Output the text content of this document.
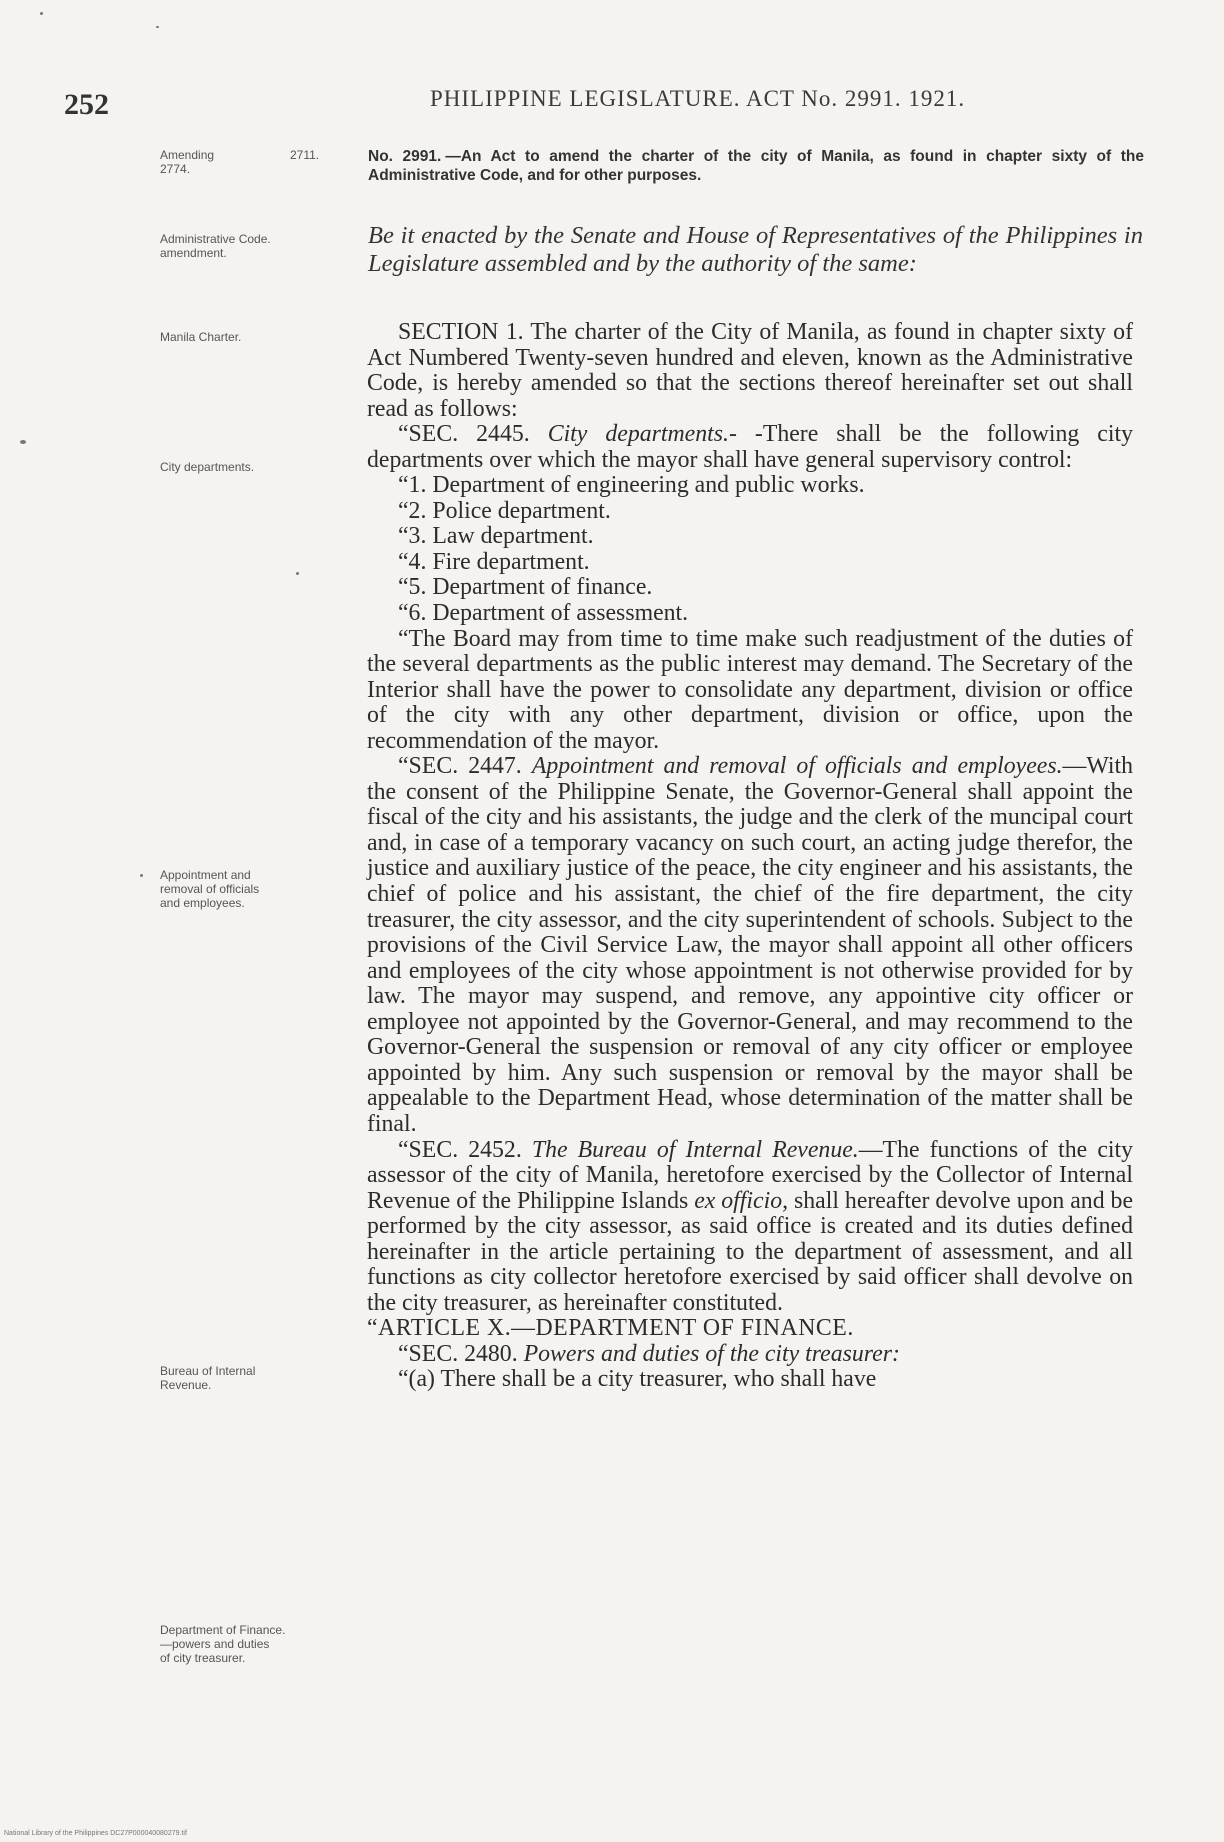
252	PHILIPPINE LEGISLATURE. ACT No. 2991. 1921.
Amending
2774.
2711.
Administrative Code.
amendment.
Manila Charter.
City departments.
Appointment and
removal of officials
and employees.
Bureau of Internal
Revenue.
Department of Finance.
—powers and duties
of city treasurer.
No. 2991. —An Act to amend the charter of the city of Manila, as found in chapter sixty of the Administrative Code, and for other purposes.
Be it enacted by the Senate and House of Representatives of the Philippines in Legislature assembled and by the authority of the same:

SECTION 1. The charter of the City of Manila, as found in chapter sixty of Act Numbered Twenty-seven hundred and eleven, known as the Administrative Code, is hereby amended so that the sections thereof hereinafter set out shall read as follows:

“SEC. 2445. City departments.- -There shall be the following city departments over which the mayor shall have general supervisory control:

“1. Department of engineering and public works.

“2. Police department.

“3. Law department.

“4. Fire department.

“5. Department of finance.

“6. Department of assessment.

“The Board may from time to time make such readjustment of the duties of the several departments as the public interest may demand. The Secretary of the Interior shall have the power to consolidate any department, division or office of the city with any other department, division or office, upon the recommendation of the mayor.

“SEC. 2447. Appointment and removal of officials and employees.—With the consent of the Philippine Senate, the Governor-General shall appoint the fiscal of the city and his assistants, the judge and the clerk of the muncipal court and, in case of a temporary vacancy on such court, an acting judge therefor, the justice and auxiliary justice of the peace, the city engineer and his assistants, the chief of police and his assistant, the chief of the fire department, the city treasurer, the city assessor, and the city superintendent of schools. Subject to the provisions of the Civil Service Law, the mayor shall appoint all other officers and employees of the city whose appointment is not otherwise provided for by law. The mayor may suspend, and remove, any appointive city officer or employee not appointed by the Governor-General, and may recommend to the Governor-General the suspension or removal of any city officer or employee appointed by him. Any such suspension or removal by the mayor shall be appealable to the Department Head, whose determination of the matter shall be final.

“SEC. 2452. The Bureau of Internal Revenue.—The functions of the city assessor of the city of Manila, heretofore exercised by the Collector of Internal Revenue of the Philippine Islands ex officio, shall hereafter devolve upon and be performed by the city assessor, as said office is created and its duties defined hereinafter in the article pertaining to the department of assessment, and all functions as city collector heretofore exercised by said officer shall devolve on the city treasurer, as hereinafter constituted.

“ARTICLE X.—DEPARTMENT OF FINANCE.

“SEC. 2480. Powers and duties of the city treasurer:

“(a) There shall be a city treasurer, who shall have

National Library of the Philippines DC27P000040080279.tif
